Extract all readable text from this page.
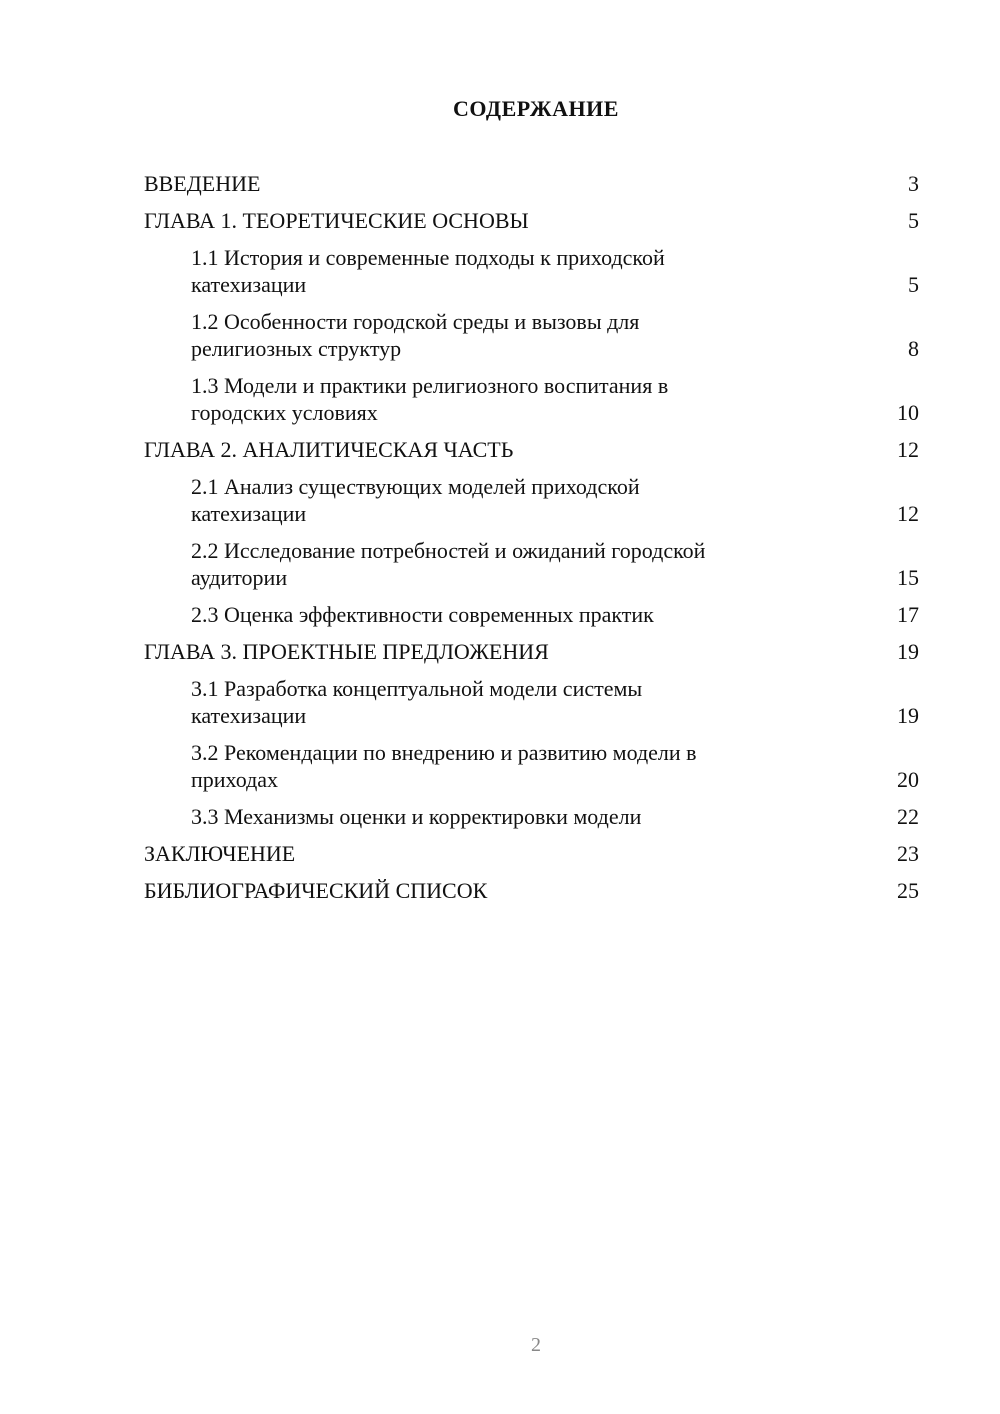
СОДЕРЖАНИЕ
ВВЕДЕНИЕ	3
ГЛАВА 1. ТЕОРЕТИЧЕСКИЕ ОСНОВЫ	5
1.1 История и современные подходы к приходской
катехизации	5
1.2 Особенности городской среды и вызовы для
религиозных структур	8
1.3 Модели и практики религиозного воспитания в
городских условиях	10
ГЛАВА 2. АНАЛИТИЧЕСКАЯ ЧАСТЬ	12
2.1 Анализ существующих моделей приходской
катехизации	12
2.2 Исследование потребностей и ожиданий городской
аудитории	15
2.3 Оценка эффективности современных практик	17
ГЛАВА 3. ПРОЕКТНЫЕ ПРЕДЛОЖЕНИЯ	19
3.1 Разработка концептуальной модели системы
катехизации	19
3.2 Рекомендации по внедрению и развитию модели в
приходах	20
3.3 Механизмы оценки и корректировки модели	22
ЗАКЛЮЧЕНИЕ	23
БИБЛИОГРАФИЧЕСКИЙ СПИСОК	25
2
